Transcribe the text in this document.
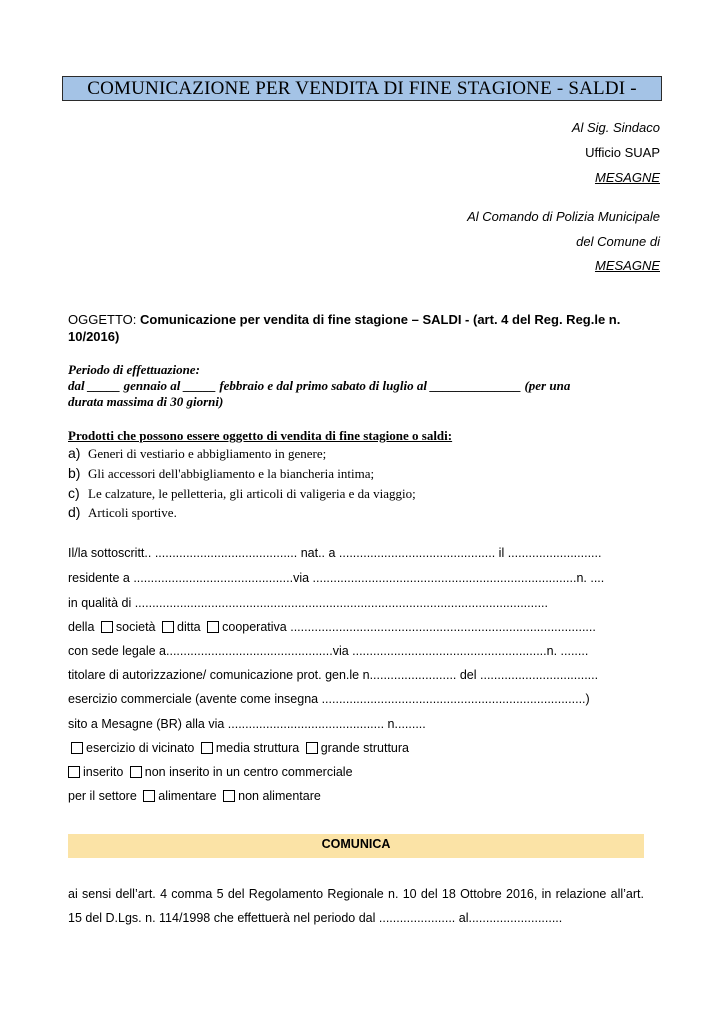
COMUNICAZIONE PER VENDITA DI FINE STAGIONE - SALDI -
Al Sig. Sindaco
Ufficio SUAP
MESAGNE
Al Comando di Polizia Municipale
del Comune di
MESAGNE
OGGETTO: Comunicazione per vendita di fine stagione – SALDI - (art. 4 del Reg. Reg.le n. 10/2016)
Periodo di effettuazione:
dal _____ gennaio al _____ febbraio e dal primo sabato di luglio al ______________ (per una
durata massima di 30 giorni)
Prodotti che possono essere oggetto di vendita di fine stagione o saldi:
a) Generi di vestiario e abbigliamento in genere;
b) Gli accessori dell'abbigliamento e la biancheria intima;
c) Le calzature, le pelletteria, gli articoli di valigeria e da viaggio;
d) Articoli sportive.
Il/la sottoscritt.. ......................................... nat.. a ............................................. il ...........................
residente a ..............................................via ............................................................................n. ....
in qualità di .......................................................................................................................
della società ditta cooperativa ........................................................................................
con sede legale a................................................via ........................................................n. ........
titolare di autorizzazione/ comunicazione prot. gen.le n......................... del ..................................
esercizio commerciale (avente come insegna ............................................................................)
sito a Mesagne (BR) alla via ............................................. n.........
esercizio di vicinato media struttura grande struttura
inserito non inserito in un centro commerciale
per il settore alimentare non alimentare
COMUNICA
ai sensi dell’art. 4 comma 5 del Regolamento Regionale n. 10 del 18 Ottobre 2016, in relazione all’art. 15 del D.Lgs. n. 114/1998 che effettuerà nel periodo dal ...................... al...........................
